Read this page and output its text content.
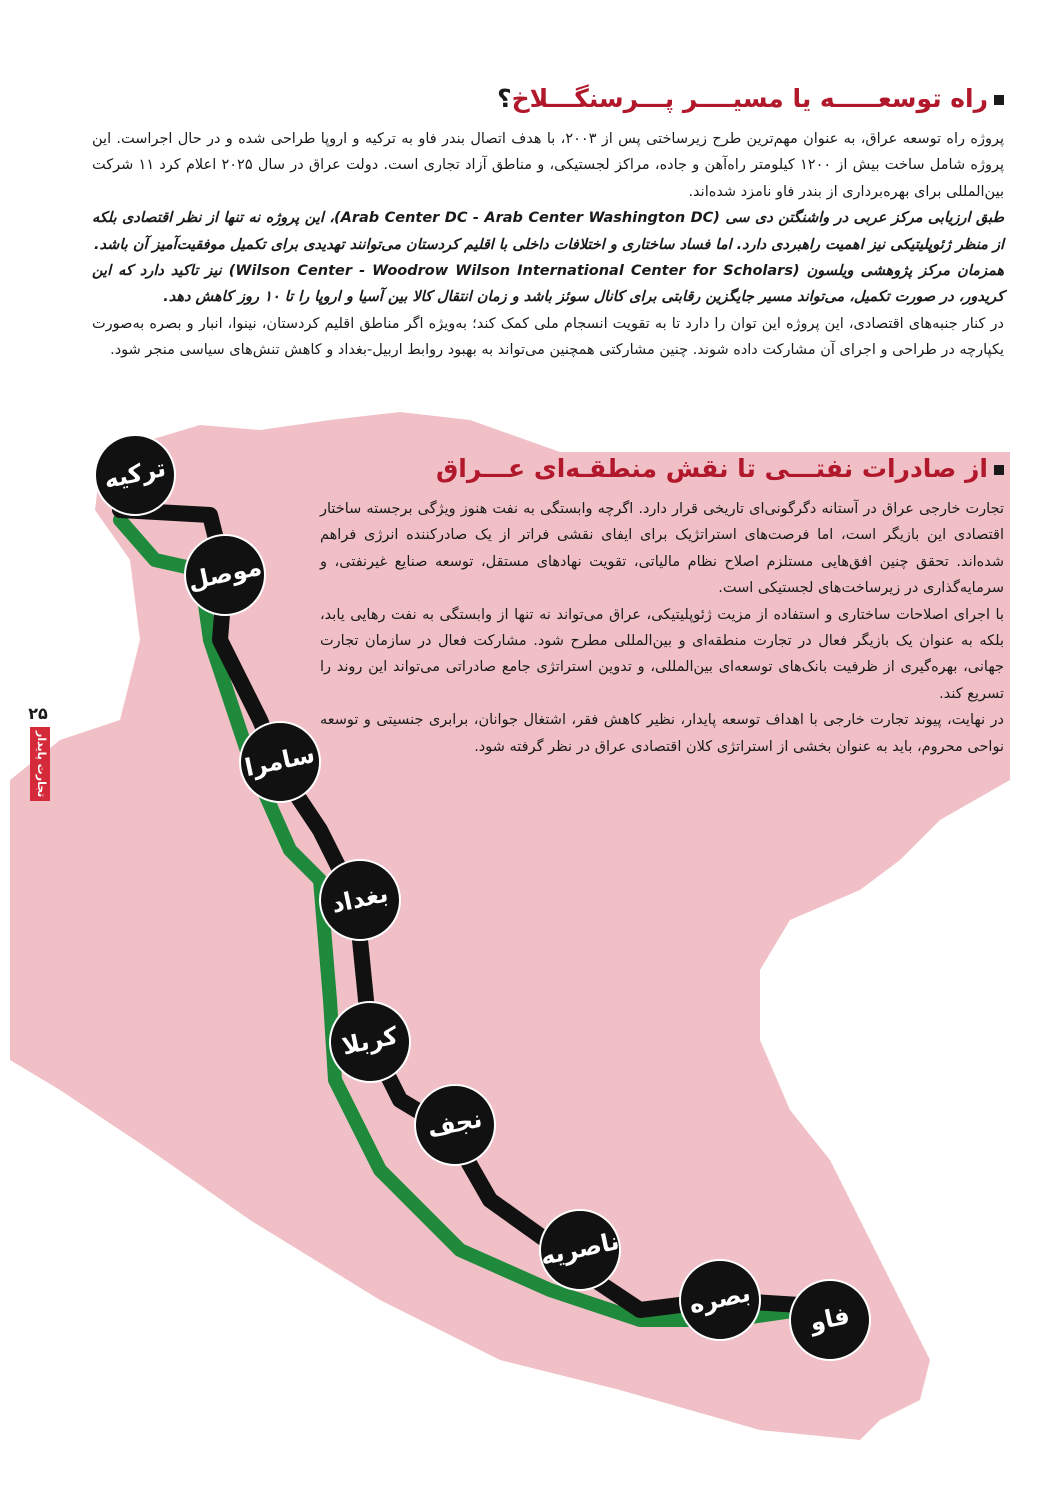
ترکیه
موصل
سامرا
بغداد
کربلا
نجف
ناصریه
بصره فاو
راه توسعـــــه یا مسیــــر پـــرسنگـــلاخ؟

پروژه راه توسعه عراق، به عنوان مهم‌ترین طرح زیرساختی پس از ۲۰۰۳، با هدف اتصال بندر فاو به ترکیه و اروپا طراحی شده و در حال اجراست. این پروژه شامل ساخت بیش از ۱۲۰۰ کیلومتر راه‌آهن و جاده، مراکز لجستیکی، و مناطق آزاد تجاری است. دولت عراق در سال ۲۰۲۵ اعلام کرد ۱۱ شرکت بین‌المللی برای بهره‌برداری از بندر فاو نامزد شده‌اند.

طبق ارزیابی مرکز عربی در واشنگتن دی سی (Arab Center DC - Arab Center Washington DC)، این پروژه نه تنها از نظر اقتصادی بلکه از منظر ژئوپلیتیکی نیز اهمیت راهبردی دارد. اما فساد ساختاری و اختلافات داخلی با اقلیم کردستان می‌توانند تهدیدی برای تکمیل موفقیت‌آمیز آن باشد.

همزمان مرکز پژوهشی ویلسون (Wilson Center - Woodrow Wilson International Center for Scholars) نیز تاکید دارد که این کریدور، در صورت تکمیل، می‌تواند مسیر جایگزین رقابتی برای کانال سوئز باشد و زمان انتقال کالا بین آسیا و اروپا را تا ۱۰ روز کاهش دهد.

در کنار جنبه‌های اقتصادی، این پروژه این توان را دارد تا به تقویت انسجام ملی کمک کند؛ به‌ویژه اگر مناطق اقلیم کردستان، نینوا، انبار و بصره به‌صورت یکپارچه در طراحی و اجرای آن مشارکت داده شوند. چنین مشارکتی همچنین می‌تواند به بهبود روابط اربیل-بغداد و کاهش تنش‌های سیاسی منجر شود.

از صادرات نفتـــی تا نقش منطقـه‌ای عـــراق

تجارت خارجی عراق در آستانه دگرگونی‌ای تاریخی قرار دارد. اگرچه وابستگی به نفت هنوز ویژگی برجسته ساختار اقتصادی این بازیگر است، اما فرصت‌های استراتژیک برای ایفای نقشی فراتر از یک صادرکننده انرژی فراهم شده‌اند. تحقق چنین افق‌هایی مستلزم اصلاح نظام مالیاتی، تقویت نهادهای مستقل، توسعه صنایع غیرنفتی، و سرمایه‌گذاری در زیرساخت‌های لجستیکی است.

با اجرای اصلاحات ساختاری و استفاده از مزیت ژئوپلیتیکی، عراق می‌تواند نه تنها از وابستگی به نفت رهایی یابد، بلکه به عنوان یک بازیگر فعال در تجارت منطقه‌ای و بین‌المللی مطرح شود. مشارکت فعال در سازمان تجارت جهانی، بهره‌گیری از ظرفیت بانک‌های توسعه‌ای بین‌المللی، و تدوین استراتژی جامع صادراتی می‌تواند این روند را تسریع کند.

در نهایت، پیوند تجارت خارجی با اهداف توسعه پایدار، نظیر کاهش فقر، اشتغال جوانان، برابری جنسیتی و توسعه نواحی محروم، باید به عنوان بخشی از استراتژی کلان اقتصادی عراق در نظر گرفته شود.

۲۵
تجارت پایدار
